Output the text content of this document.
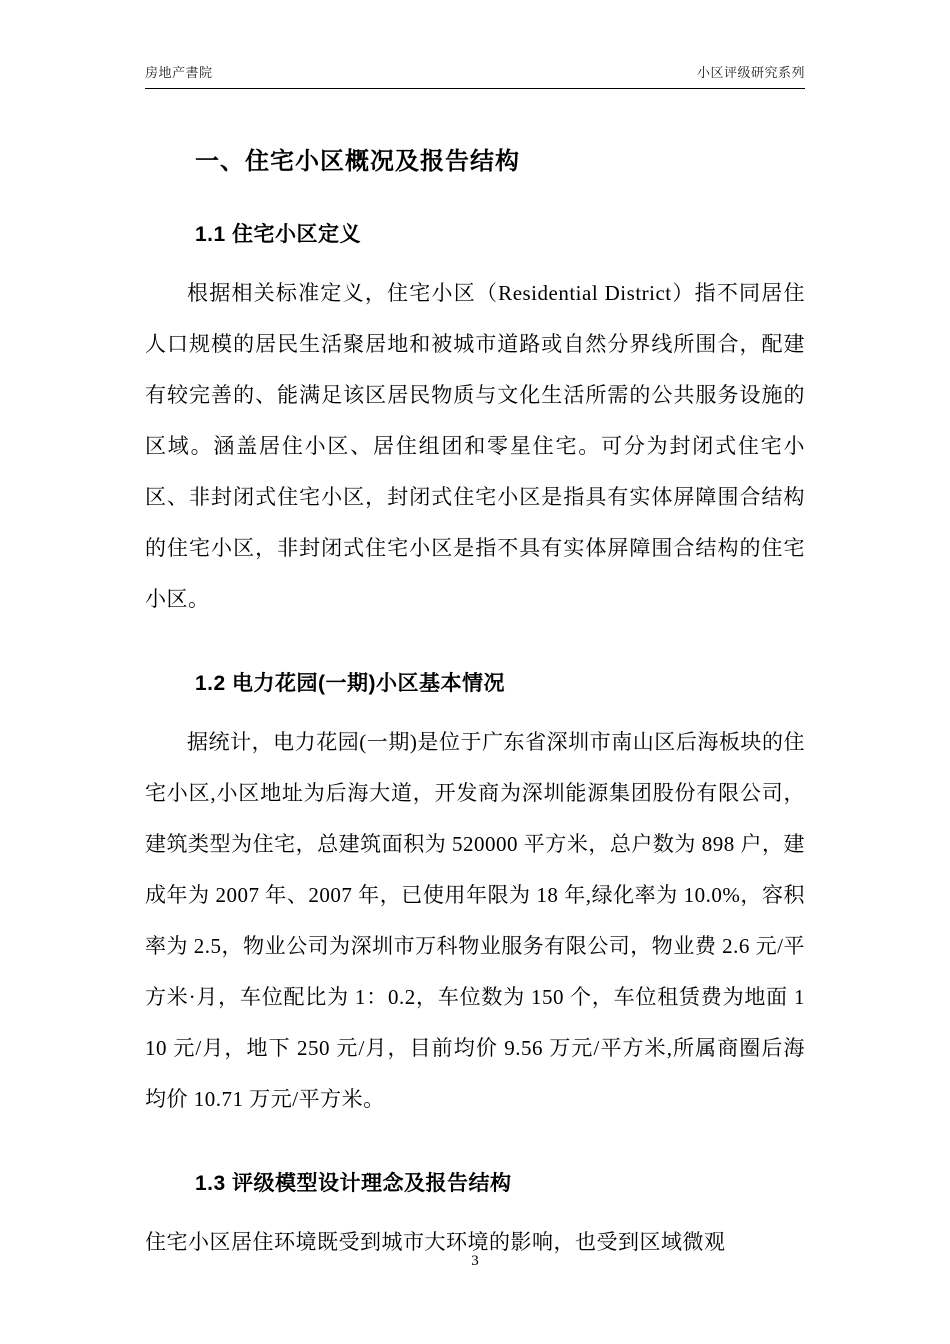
房地产書院	小区评级研究系列
一、住宅小区概况及报告结构
1.1 住宅小区定义

根据相关标准定义，住宅小区（Residential District）指不同居住人口规模的居民生活聚居地和被城市道路或自然分界线所围合，配建有较完善的、能满足该区居民物质与文化生活所需的公共服务设施的区域。涵盖居住小区、居住组团和零星住宅。可分为封闭式住宅小区、非封闭式住宅小区，封闭式住宅小区是指具有实体屏障围合结构的住宅小区，非封闭式住宅小区是指不具有实体屏障围合结构的住宅小区。

1.2 电力花园(一期)小区基本情况

据统计，电力花园(一期)是位于广东省深圳市南山区后海板块的住宅小区,小区地址为后海大道，开发商为深圳能源集团股份有限公司，建筑类型为住宅，总建筑面积为 520000 平方米，总户数为 898 户，建成年为 2007 年、2007 年，已使用年限为 18 年,绿化率为 10.0%，容积率为 2.5，物业公司为深圳市万科物业服务有限公司，物业费 2.6 元/平方米·月，车位配比为 1：0.2，车位数为 150 个，车位租赁费为地面 110 元/月，地下 250 元/月，目前均价 9.56 万元/平方米,所属商圈后海均价 10.71 万元/平方米。

1.3 评级模型设计理念及报告结构

住宅小区居住环境既受到城市大环境的影响，也受到区域微观

3
